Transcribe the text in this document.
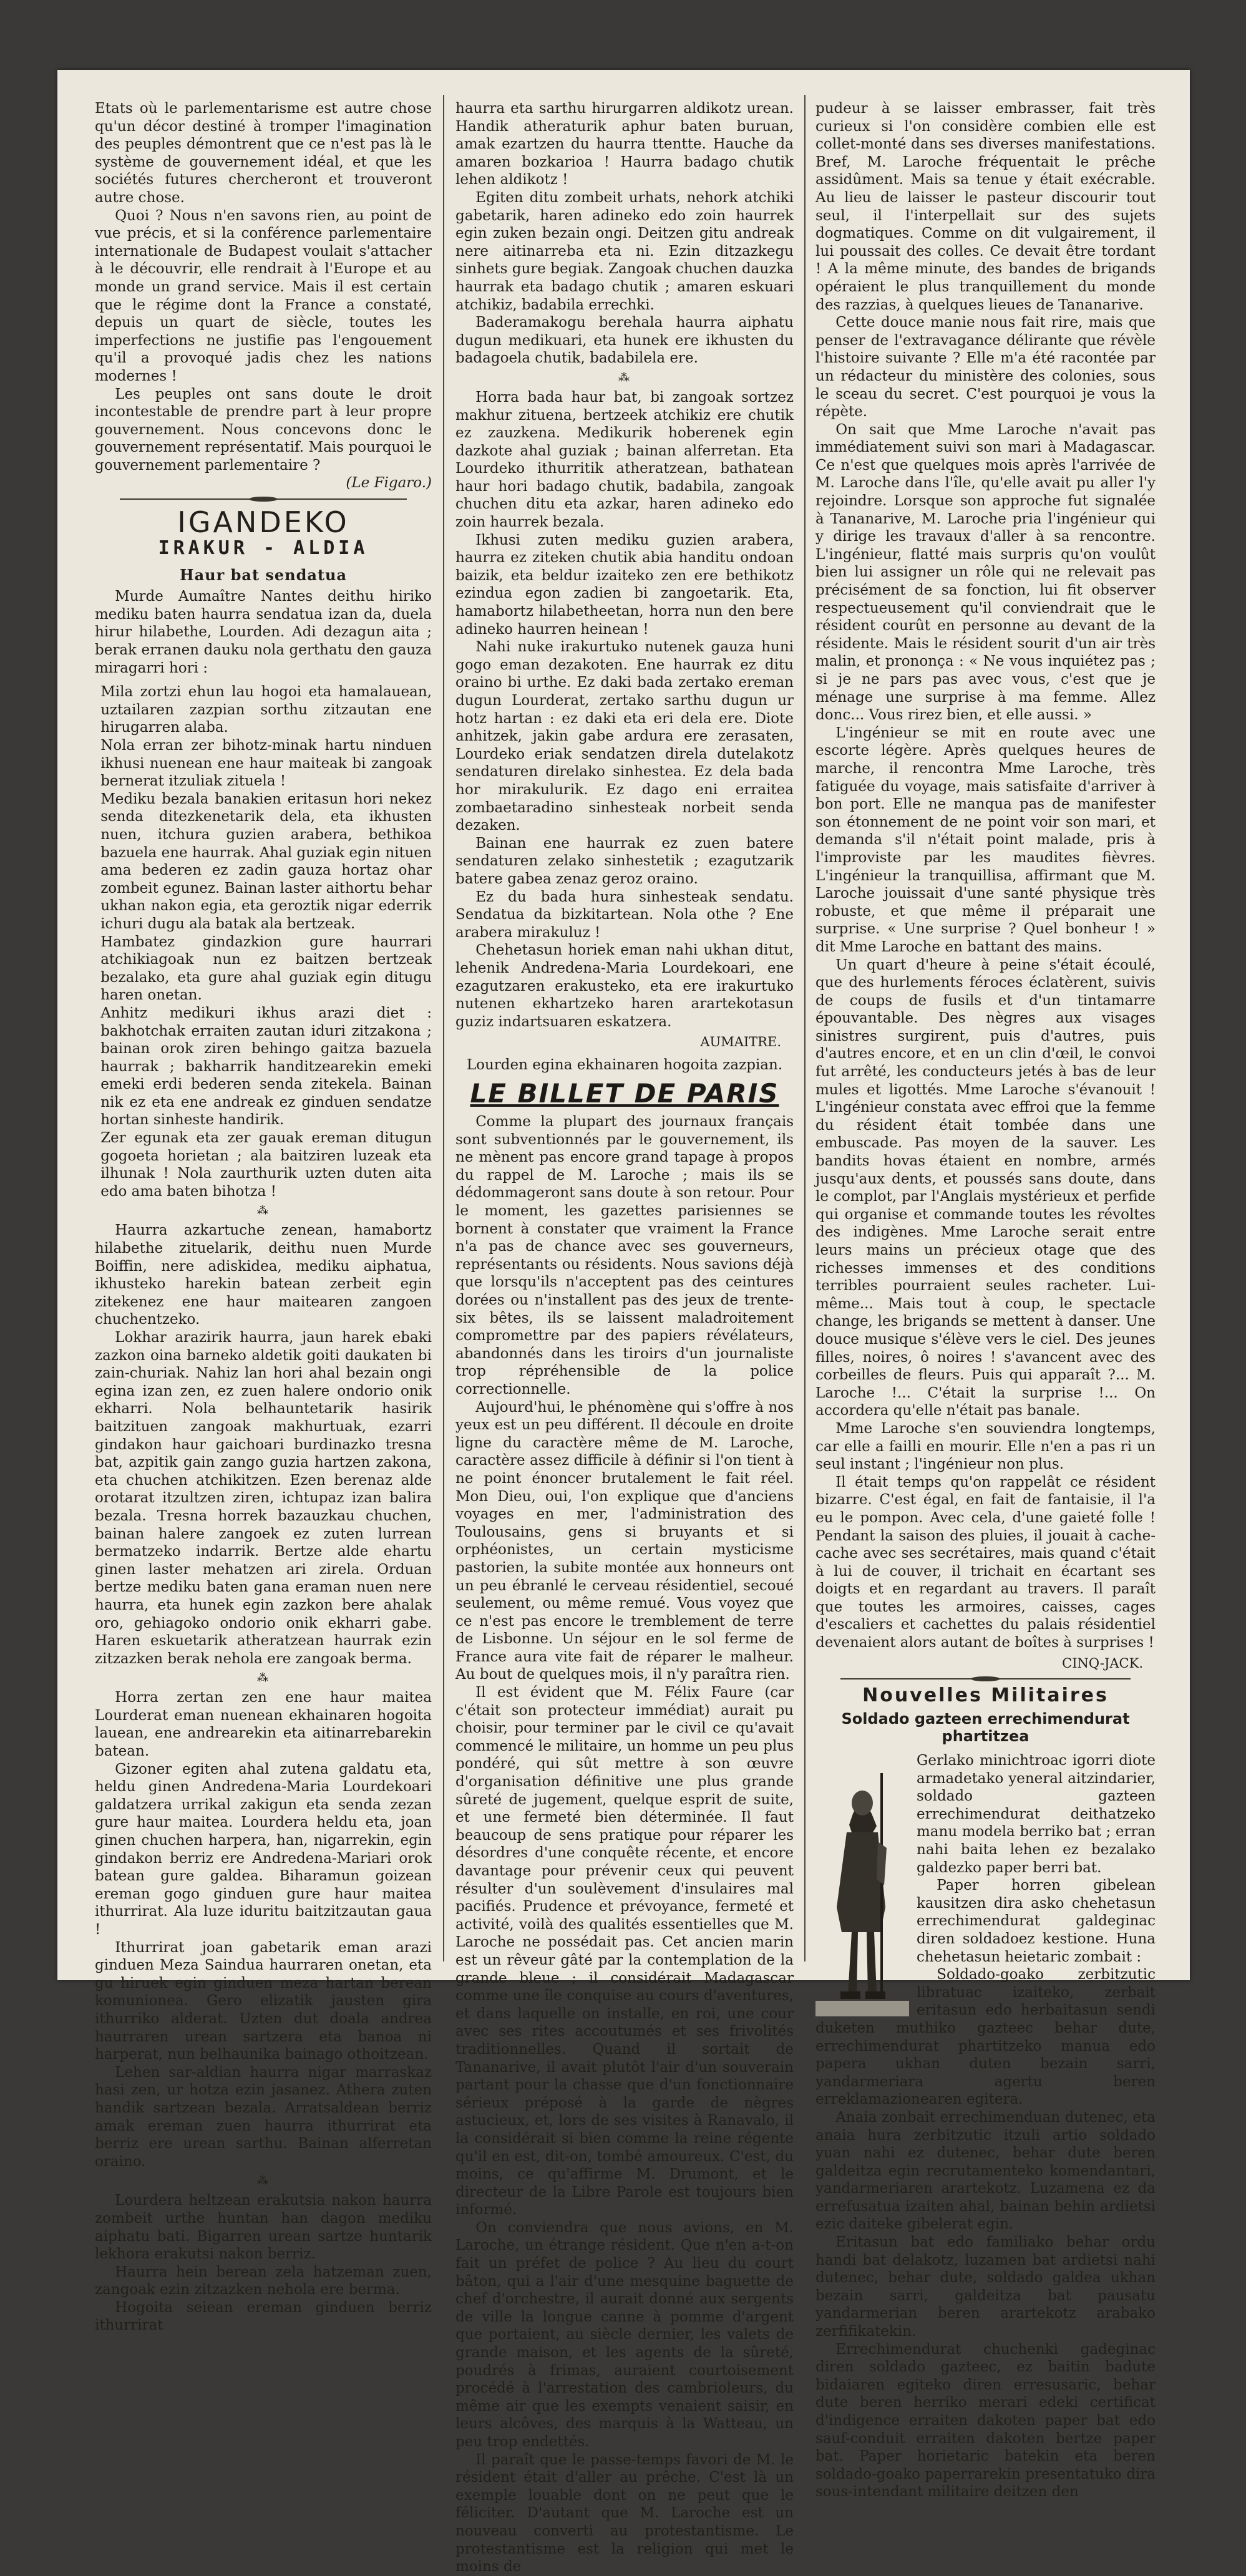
Etats où le parlementarisme est autre chose qu'un décor destiné à tromper l'imagination des peuples démontrent que ce n'est pas là le système de gouvernement idéal, et que les sociétés futures chercheront et trouveront autre chose.

Quoi ? Nous n'en savons rien, au point de vue précis, et si la conférence parlementaire internationale de Budapest voulait s'attacher à le découvrir, elle rendrait à l'Europe et au monde un grand service. Mais il est certain que le régime dont la France a constaté, depuis un quart de siècle, toutes les imperfections ne justifie pas l'engouement qu'il a provoqué jadis chez les nations modernes !

Les peuples ont sans doute le droit incontestable de prendre part à leur propre gouvernement. Nous concevons donc le gouvernement représentatif. Mais pourquoi le gouvernement parlementaire ?

(Le Figaro.)

IGANDEKO
IRAKUR - ALDIA
Haur bat sendatua

Murde Aumaître Nantes deithu hiriko mediku baten haurra sendatua izan da, duela hirur hilabethe, Lourden. Adi dezagun aita ; berak erranen dauku nola gerthatu den gauza miragarri hori :

Mila zortzi ehun lau hogoi eta hamalauean, uztailaren zazpian sorthu zitzautan ene hirugarren alaba.

Nola erran zer bihotz-minak hartu ninduen ikhusi nuenean ene haur maiteak bi zangoak bernerat itzuliak zituela !

Mediku bezala banakien eritasun hori nekez senda ditezkenetarik dela, eta ikhusten nuen, itchura guzien arabera, bethikoa bazuela ene haurrak. Ahal guziak egin nituen ama bederen ez zadin gauza hortaz ohar zombeit egunez. Bainan laster aithortu behar ukhan nakon egia, eta geroztik nigar ederrik ichuri dugu ala batak ala bertzeak.

Hambatez gindazkion gure haurrari atchikiagoak nun ez baitzen bertzeak bezalako, eta gure ahal guziak egin ditugu haren onetan.

Anhitz medikuri ikhus arazi diet : bakhotchak erraiten zautan iduri zitzakona ; bainan orok ziren behingo gaitza bazuela haurrak ; bakharrik handitzearekin emeki emeki erdi bederen senda zitekela. Bainan nik ez eta ene andreak ez ginduen sendatze hortan sinheste handirik.

Zer egunak eta zer gauak ereman ditugun gogoeta horietan ; ala baitziren luzeak eta ilhunak ! Nola zaurthurik uzten duten aita edo ama baten bihotza !

⁂

Haurra azkartuche zenean, hamabortz hilabethe zituelarik, deithu nuen Murde Boiffin, nere adiskidea, mediku aiphatua, ikhusteko harekin batean zerbeit egin zitekenez ene haur maitearen zangoen chuchentzeko.

Lokhar arazirik haurra, jaun harek ebaki zazkon oina barneko aldetik goiti daukaten bi zain-churiak. Nahiz lan hori ahal bezain ongi egina izan zen, ez zuen halere ondorio onik ekharri. Nola belhauntetarik hasirik baitzituen zangoak makhurtuak, ezarri gindakon haur gaichoari burdinazko tresna bat, azpitik gain zango guzia hartzen zakona, eta chuchen atchikitzen. Ezen berenaz alde orotarat itzultzen ziren, ichtupaz izan balira bezala. Tresna horrek bazauzkau chuchen, bainan halere zangoek ez zuten lurrean bermatzeko indarrik. Bertze alde ehartu ginen laster mehatzen ari zirela. Orduan bertze mediku baten gana eraman nuen nere haurra, eta hunek egin zazkon bere ahalak oro, gehiagoko ondorio onik ekharri gabe. Haren eskuetarik atheratzean haurrak ezin zitzazken berak nehola ere zangoak berma.

⁂

Horra zertan zen ene haur maitea Lourderat eman nuenean ekhainaren hogoita lauean, ene andrearekin eta aitinarrebarekin batean.

Gizoner egiten ahal zutena galdatu eta, heldu ginen Andredena-Maria Lourdekoari galdatzera urrikal zakigun eta senda zezan gure haur maitea. Lourdera heldu eta, joan ginen chuchen harpera, han, nigarrekin, egin gindakon berriz ere Andredena-Mariari orok batean gure galdea. Biharamun goizean ereman gogo ginduen gure haur maitea ithurrirat. Ala luze iduritu baitzitzautan gaua !

Ithurrirat joan gabetarik eman arazi ginduen Meza Saindua haurraren onetan, eta gu hiruek egin ginduen meza hartan berean komunionea. Gero elizatik jausten gira ithurriko alderat. Uzten dut doala andrea haurraren urean sartzera eta banoa ni harperat, nun belhaunika bainago othoitzean.

Lehen sar-aldian haurra nigar marraskaz hasi zen, ur hotza ezin jasanez. Athera zuten handik sartzean bezala. Arratsaldean berriz amak ereman zuen haurra ithurrirat eta berriz ere urean sarthu. Bainan alferretan oraino.

⁂

Lourdera heltzean erakutsia nakon haurra zombeit urthe huntan han dagon mediku aiphatu bati. Bigarren urean sartze huntarik lekhora erakutsi nakon berriz.

Haurra hein berean zela hatzeman zuen, zangoak ezin zitzazken nehola ere berma.

Hogoita seiean ereman ginduen berriz ithurrirat

haurra eta sarthu hirurgarren aldikotz urean. Handik atheraturik aphur baten buruan, amak ezartzen du haurra ttentte. Hauche da amaren bozkarioa ! Haurra badago chutik lehen aldikotz !

Egiten ditu zombeit urhats, nehork atchiki gabetarik, haren adineko edo zoin haurrek egin zuken bezain ongi. Deitzen gitu andreak nere aitinarreba eta ni. Ezin ditzazkegu sinhets gure begiak. Zangoak chuchen dauzka haurrak eta badago chutik ; amaren eskuari atchikiz, badabila errechki.

Baderamakogu berehala haurra aiphatu dugun medikuari, eta hunek ere ikhusten du badagoela chutik, badabilela ere.

⁂

Horra bada haur bat, bi zangoak sortzez makhur zituena, bertzeek atchikiz ere chutik ez zauzkena. Medikurik hoberenek egin dazkote ahal guziak ; bainan alferretan. Eta Lourdeko ithurritik atheratzean, bathatean haur hori badago chutik, badabila, zangoak chuchen ditu eta azkar, haren adineko edo zoin haurrek bezala.

Ikhusi zuten mediku guzien arabera, haurra ez ziteken chutik abia handitu ondoan baizik, eta beldur izaiteko zen ere bethikotz ezindua egon zadien bi zangoetarik. Eta, hamabortz hilabetheetan, horra nun den bere adineko haurren heinean !

Nahi nuke irakurtuko nutenek gauza huni gogo eman dezakoten. Ene haurrak ez ditu oraino bi urthe. Ez daki bada zertako ereman dugun Lourderat, zertako sarthu dugun ur hotz hartan : ez daki eta eri dela ere. Diote anhitzek, jakin gabe ardura ere zerasaten, Lourdeko eriak sendatzen direla dutelakotz sendaturen direlako sinhestea. Ez dela bada hor mirakulurik. Ez dago eni erraitea zombaetaradino sinhesteak norbeit senda dezaken.

Bainan ene haurrak ez zuen batere sendaturen zelako sinhestetik ; ezagutzarik batere gabea zenaz geroz oraino.

Ez du bada hura sinhesteak sendatu. Sendatua da bizkitartean. Nola othe ? Ene arabera mirakuluz !

Chehetasun horiek eman nahi ukhan ditut, lehenik Andredena-Maria Lourdekoari, ene ezagutzaren erakusteko, eta ere irakurtuko nutenen ekhartzeko haren arartekotasun guziz indartsuaren eskatzera.

AUMAITRE.

Lourden egina ekhainaren hogoita zazpian.

LE BILLET DE PARIS

Comme la plupart des journaux français sont subventionnés par le gouvernement, ils ne mènent pas encore grand tapage à propos du rappel de M. Laroche ; mais ils se dédommageront sans doute à son retour. Pour le moment, les gazettes parisiennes se bornent à constater que vraiment la France n'a pas de chance avec ses gouverneurs, représentants ou résidents. Nous savions déjà que lorsqu'ils n'acceptent pas des ceintures dorées ou n'installent pas des jeux de trente-six bêtes, ils se laissent maladroitement compromettre par des papiers révélateurs, abandonnés dans les tiroirs d'un journaliste trop répréhensible de la police correctionnelle.

Aujourd'hui, le phénomène qui s'offre à nos yeux est un peu différent. Il découle en droite ligne du caractère même de M. Laroche, caractère assez difficile à définir si l'on tient à ne point énoncer brutalement le fait réel. Mon Dieu, oui, l'on explique que d'anciens voyages en mer, l'administration des Toulousains, gens si bruyants et si orphéonistes, un certain mysticisme pastorien, la subite montée aux honneurs ont un peu ébranlé le cerveau résidentiel, secoué seulement, ou même remué. Vous voyez que ce n'est pas encore le tremblement de terre de Lisbonne. Un séjour en le sol ferme de France aura vite fait de réparer le malheur. Au bout de quelques mois, il n'y paraîtra rien.

Il est évident que M. Félix Faure (car c'était son protecteur immédiat) aurait pu choisir, pour terminer par le civil ce qu'avait commencé le militaire, un homme un peu plus pondéré, qui sût mettre à son œuvre d'organisation définitive une plus grande sûreté de jugement, quelque esprit de suite, et une fermeté bien déterminée. Il faut beaucoup de sens pratique pour réparer les désordres d'une conquête récente, et encore davantage pour prévenir ceux qui peuvent résulter d'un soulèvement d'insulaires mal pacifiés. Prudence et prévoyance, fermeté et activité, voilà des qualités essentielles que M. Laroche ne possédait pas. Cet ancien marin est un rêveur gâté par la contemplation de la grande bleue ; il considérait Madagascar comme une île conquise au cours d'aventures, et dans laquelle on installe, en roi, une cour avec ses rites accoutumés et ses frivolités traditionnelles. Quand il sortait de Tananarive, il avait plutôt l'air d'un souverain partant pour la chasse que d'un fonctionnaire sérieux préposé à la garde de nègres astucieux, et, lors de ses visites à Ranavalo, il la considérait si bien comme la reine régente qu'il en est, dit-on, tombé amoureux. C'est, du moins, ce qu'affirme M. Drumont, et le directeur de la Libre Parole est toujours bien informé.

On conviendra que nous avions, en M. Laroche, un étrange résident. Que n'en a-t-on fait un préfet de police ? Au lieu du court bâton, qui a l'air d'une mesquine baguette de chef d'orchestre, il aurait donné aux sergents de ville la longue canne à pomme d'argent que portaient, au siècle dernier, les valets de grande maison, et les agents de la sûreté, poudrés à frimas, auraient courtoisement procédé à l'arrestation des cambrioleurs, du même air que les exempts venaient saisir, en leurs alcôves, des marquis à la Watteau, un peu trop endettés.

Il paraît que le passe-temps favori de M. le résident était d'aller au prêche. C'est là un exemple louable dont on ne peut que le féliciter. D'autant que M. Laroche est un nouveau converti au protestantisme. Le protestantisme est la religion qui met le moins de

pudeur à se laisser embrasser, fait très curieux si l'on considère combien elle est collet-monté dans ses diverses manifestations. Bref, M. Laroche fréquentait le prêche assidûment. Mais sa tenue y était exécrable. Au lieu de laisser le pasteur discourir tout seul, il l'interpellait sur des sujets dogmatiques. Comme on dit vulgairement, il lui poussait des colles. Ce devait être tordant ! A la même minute, des bandes de brigands opéraient le plus tranquillement du monde des razzias, à quelques lieues de Tananarive.

Cette douce manie nous fait rire, mais que penser de l'extravagance délirante que révèle l'histoire suivante ? Elle m'a été racontée par un rédacteur du ministère des colonies, sous le sceau du secret. C'est pourquoi je vous la répète.

On sait que Mme Laroche n'avait pas immédiatement suivi son mari à Madagascar. Ce n'est que quelques mois après l'arrivée de M. Laroche dans l'île, qu'elle avait pu aller l'y rejoindre. Lorsque son approche fut signalée à Tananarive, M. Laroche pria l'ingénieur qui y dirige les travaux d'aller à sa rencontre. L'ingénieur, flatté mais surpris qu'on voulût bien lui assigner un rôle qui ne relevait pas précisément de sa fonction, lui fit observer respectueusement qu'il conviendrait que le résident courût en personne au devant de la résidente. Mais le résident sourit d'un air très malin, et prononça : « Ne vous inquiétez pas ; si je ne pars pas avec vous, c'est que je ménage une surprise à ma femme. Allez donc... Vous rirez bien, et elle aussi. »

L'ingénieur se mit en route avec une escorte légère. Après quelques heures de marche, il rencontra Mme Laroche, très fatiguée du voyage, mais satisfaite d'arriver à bon port. Elle ne manqua pas de manifester son étonnement de ne point voir son mari, et demanda s'il n'était point malade, pris à l'improviste par les maudites fièvres. L'ingénieur la tranquillisa, affirmant que M. Laroche jouissait d'une santé physique très robuste, et que même il préparait une surprise. « Une surprise ? Quel bonheur ! » dit Mme Laroche en battant des mains.

Un quart d'heure à peine s'était écoulé, que des hurlements féroces éclatèrent, suivis de coups de fusils et d'un tintamarre épouvantable. Des nègres aux visages sinistres surgirent, puis d'autres, puis d'autres encore, et en un clin d'œil, le convoi fut arrêté, les conducteurs jetés à bas de leur mules et ligottés. Mme Laroche s'évanouit ! L'ingénieur constata avec effroi que la femme du résident était tombée dans une embuscade. Pas moyen de la sauver. Les bandits hovas étaient en nombre, armés jusqu'aux dents, et poussés sans doute, dans le complot, par l'Anglais mystérieux et perfide qui organise et commande toutes les révoltes des indigènes. Mme Laroche serait entre leurs mains un précieux otage que des richesses immenses et des conditions terribles pourraient seules racheter. Lui-même... Mais tout à coup, le spectacle change, les brigands se mettent à danser. Une douce musique s'élève vers le ciel. Des jeunes filles, noires, ô noires ! s'avancent avec des corbeilles de fleurs. Puis qui apparaît ?... M. Laroche !... C'était la surprise !... On accordera qu'elle n'était pas banale.

Mme Laroche s'en souviendra longtemps, car elle a failli en mourir. Elle n'en a pas ri un seul instant ; l'ingénieur non plus.

Il était temps qu'on rappelât ce résident bizarre. C'est égal, en fait de fantaisie, il l'a eu le pompon. Avec cela, d'une gaieté folle ! Pendant la saison des pluies, il jouait à cache-cache avec ses secrétaires, mais quand c'était à lui de couver, il trichait en écartant ses doigts et en regardant au travers. Il paraît que toutes les armoires, caisses, cages d'escaliers et cachettes du palais résidentiel devenaient alors autant de boîtes à surprises !

CINQ-JACK.
Nouvelles Militaires
Soldado gazteen errechimendurat phartitzea

Gerlako minichtroac igorri diote armadetako yeneral aitzindarier, soldado gazteen errechimendurat deithatzeko manu modela berriko bat ; erran nahi baita lehen ez bezalako galdezko paper berri bat.

Paper horren gibelean kausitzen dira asko chehetasun errechimendurat galdeginac diren soldadoez kestione. Huna chehetasun heietaric zombait :

Soldado-goako zerbitzutic libratuac izaiteko, zerbait eritasun edo herbaitasun sendi duketen muthiko gazteec behar dute, errechimendurat phartitzeko manua edo papera ukhan duten bezain sarri, yandarmeriara agertu beren erreklamazionearen egitera.

Anaia zonbait errechimenduan dutenec, eta anaia hura zerbitzutic itzuli artio soldado yuan nahi ez dutenec, behar dute beren galdeitza egin recrutamenteko komendantari, yandarmeriaren arartekotz. Luzamena ez da errefusatua izaiten ahal, bainan behin ardietsi ezic daiteke gibelerat egin.

Eritasun bat edo familiako behar ordu handi bat delakotz, luzamen bat ardietsi nahi dutenec, behar dute, soldado galdea ukhan bezain sarri, galdeitza bat pausatu yandarmerian beren arartekotz arabako zerfifikatekin.

Errechimendurat chuchenki gadeginac diren soldado gazteec, ez baitin badute bidaiaren egiteko diren erresusaric, behar dute beren herriko merari edeki certificat d'indigence erraiten dakoten paper bat edo sauf-conduit erraiten dakoten bertze paper bat. Paper horietaric batekin eta beren soldado-goako paperrarekin presentatuko dira sous-intendant militaire deitzen den
